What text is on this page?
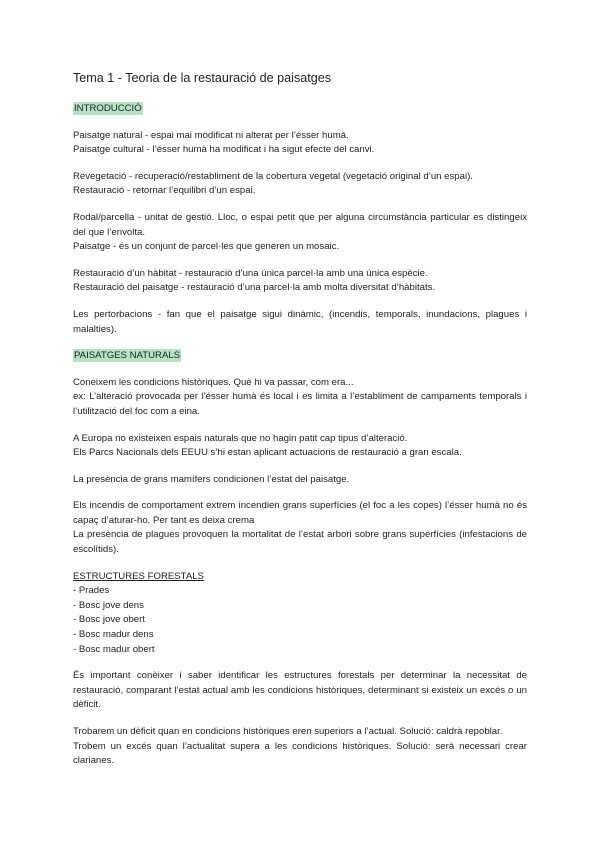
Tema 1 - Teoria de la restauració de paisatges
INTRODUCCIÓ

Paisatge natural - espai mai modificat ni alterat per l’ésser humà.

Paisatge cultural - l’ésser humà ha modificat i ha sigut efecte del canvi.

Revegetació - recuperació/restabliment de la cobertura vegetal (vegetació original d’un espai).

Restauració - retornar l’equilibri d’un espai.

Rodal/parcella - unitat de gestió. Lloc, o espai petit que per alguna circumstància particular es distingeix del que l’envolta.

Paisatge - és un conjunt de parcel·les que generen un mosaic.

Restauració d’un hàbitat - restauració d’una única parcel·la amb una única espècie.

Restauració del paisatge - restauració d’una parcel·la amb molta diversitat d’hàbitats.

Les pertorbacions - fan que el paisatge sigui dinàmic, (incendis, temporals, inundacions, plagues i malalties).

PAISATGES NATURALS

Coneixem les condicions històriques. Què hi va passar, com era...

ex: L’alteració provocada per l’ésser humà és local i es limita a l’establiment de campaments temporals i l’utilització del foc com a eina.

A Europa no existeixen espais naturals que no hagin patit cap tipus d’alteració.

Els Parcs Nacionals dels EEUU s’hi estan aplicant actuacions de restauració a gran escala.

La presència de grans mamífers condicionen l’estat del paisatge.

Els incendis de comportament extrem incendien grans superfícies (el foc a les copes) l’ésser humà no és capaç d’aturar-ho. Per tant es deixa crema

La presència de plagues provoquen la mortalitat de l’estat arbori sobre grans superfícies (infestacions de escolítids).

ESTRUCTURES FORESTALS

- Prades

- Bosc jove dens

- Bosc jove obert

- Bosc madur dens

- Bosc madur obert

És important conèixer i saber identificar les estructures forestals per determinar la necessitat de restauració, comparant l’estat actual amb les condicions històriques, determinant si existeix un excés o un dèficit.

Trobarem un dèficit quan en condicions històriques eren superiors a l’actual. Solució: caldrà repoblar.

Trobem un excés quan l’actualitat supera a les condicions històriques. Solució: serà necessari crear clarianes.
